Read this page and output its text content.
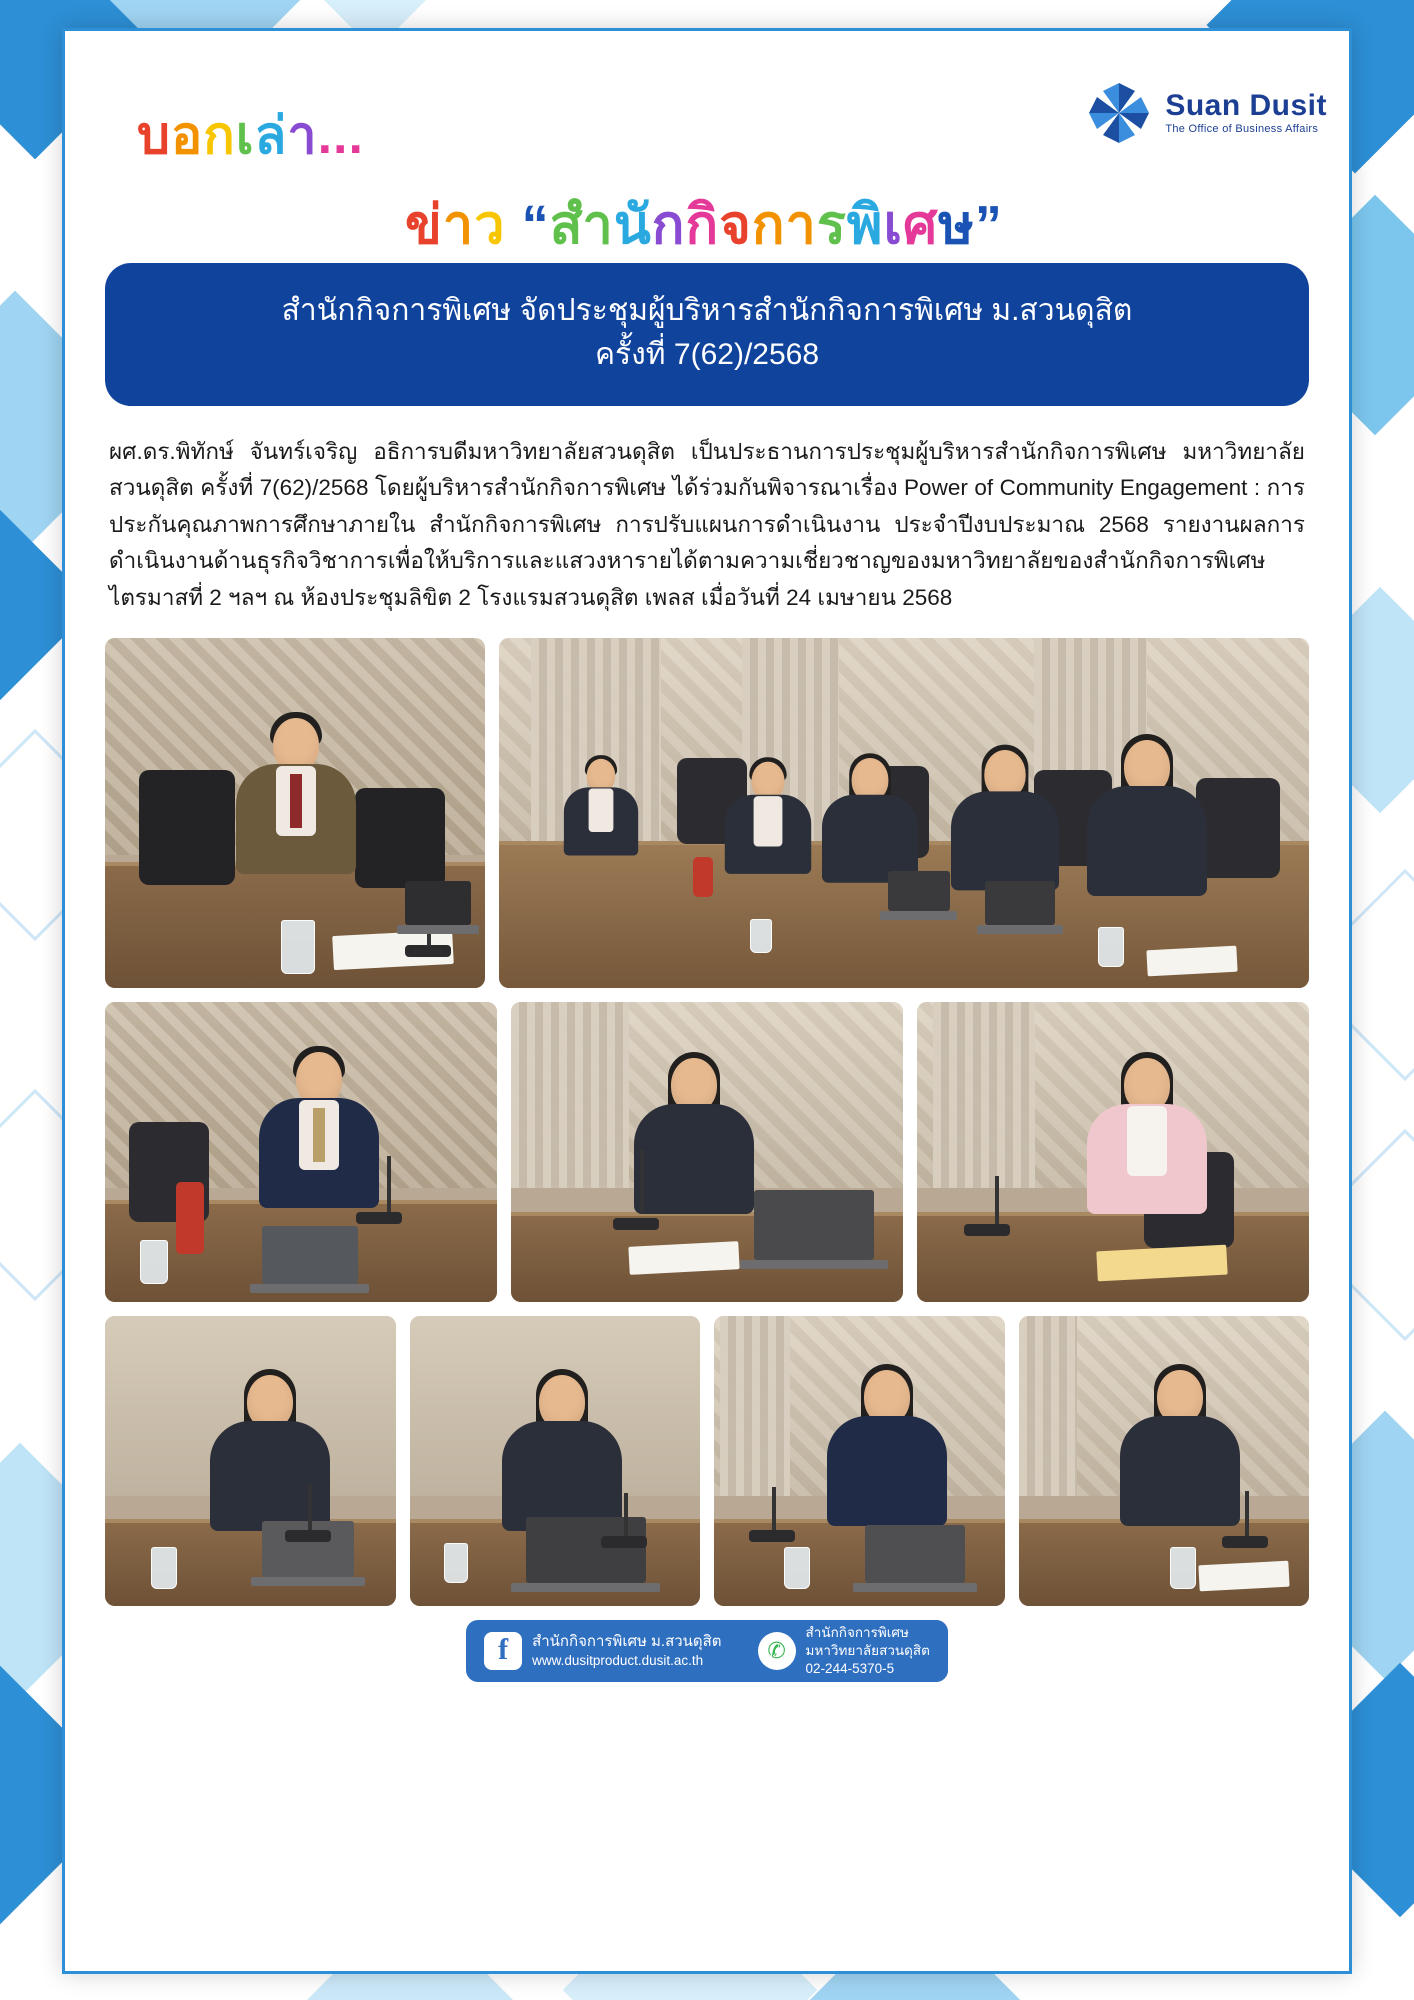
บอกเล่า...
ข่าว “สำนักกิจการพิเศษ”
Suan Dusit
The Office of Business Affairs
สำนักกิจการพิเศษ จัดประชุมผู้บริหารสำนักกิจการพิเศษ ม.สวนดุสิต
ครั้งที่ 7(62)/2568
ผศ.ดร.พิทักษ์ จันทร์เจริญ อธิการบดีมหาวิทยาลัยสวนดุสิต เป็นประธานการประชุมผู้บริหารสำนักกิจการพิเศษ มหาวิทยาลัยสวนดุสิต ครั้งที่ 7(62)/2568 โดยผู้บริหารสำนักกิจการพิเศษ ได้ร่วมกันพิจารณาเรื่อง Power of Community Engagement : การประกันคุณภาพการศึกษาภายใน สำนักกิจการพิเศษ การปรับแผนการดำเนินงาน ประจำปีงบประมาณ 2568 รายงานผลการดำเนินงานด้านธุรกิจวิชาการเพื่อให้บริการและแสวงหารายได้ตามความเชี่ยวชาญของมหาวิทยาลัยของสำนักกิจการพิเศษ ไตรมาสที่ 2 ฯลฯ ณ ห้องประชุมลิขิต 2 โรงแรมสวนดุสิต เพลส เมื่อวันที่ 24 เมษายน 2568
f	สำนักกิจการพิเศษ ม.สวนดุสิต
www.dusitproduct.dusit.ac.th	✆
สำนักกิจการพิเศษ
มหาวิทยาลัยสวนดุสิต
02-244-5370-5
